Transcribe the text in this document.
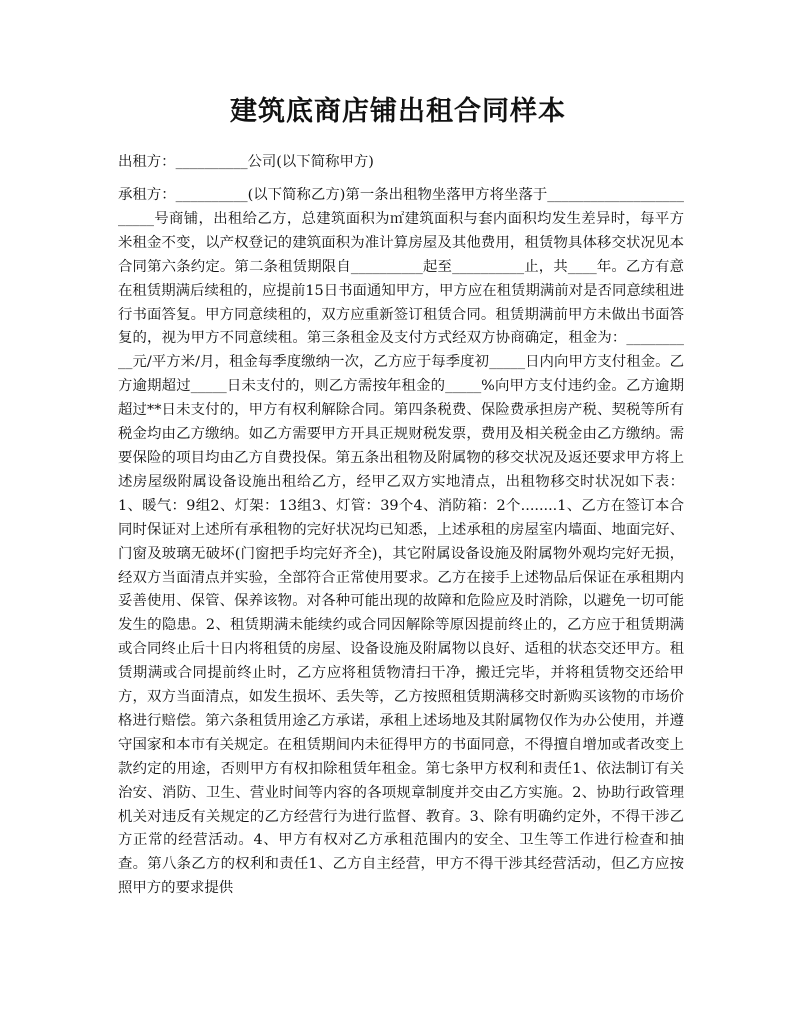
建筑底商店铺出租合同样本

出租方：__________公司(以下简称甲方)

承租方：__________(以下简称乙方)第一条出租物坐落甲方将坐落于________________________号商铺，出租给乙方，总建筑面积为㎡建筑面积与套内面积均发生差异时，每平方米租金不变，以产权登记的建筑面积为准计算房屋及其他费用，租赁物具体移交状况见本合同第六条约定。第二条租赁期限自__________起至__________止，共____年。乙方有意在租赁期满后续租的，应提前15日书面通知甲方，甲方应在租赁期满前对是否同意续租进行书面答复。甲方同意续租的，双方应重新签订租赁合同。租赁期满前甲方未做出书面答复的，视为甲方不同意续租。第三条租金及支付方式经双方协商确定，租金为：__________元/平方米/月，租金每季度缴纳一次，乙方应于每季度初_____日内向甲方支付租金。乙方逾期超过_____日未支付的，则乙方需按年租金的_____%向甲方支付违约金。乙方逾期超过**日未支付的，甲方有权利解除合同。第四条税费、保险费承担房产税、契税等所有税金均由乙方缴纳。如乙方需要甲方开具正规财税发票，费用及相关税金由乙方缴纳。需要保险的项目均由乙方自费投保。第五条出租物及附属物的移交状况及返还要求甲方将上述房屋级附属设备设施出租给乙方，经甲乙双方实地清点，出租物移交时状况如下表：1、暖气：9组2、灯架：13组3、灯管：39个4、消防箱：2个........1、乙方在签订本合同时保证对上述所有承租物的完好状况均已知悉，上述承租的房屋室内墙面、地面完好、门窗及玻璃无破坏(门窗把手均完好齐全)，其它附属设备设施及附属物外观均完好无损，经双方当面清点并实验，全部符合正常使用要求。乙方在接手上述物品后保证在承租期内妥善使用、保管、保养该物。对各种可能出现的故障和危险应及时消除，以避免一切可能发生的隐患。2、租赁期满未能续约或合同因解除等原因提前终止的，乙方应于租赁期满或合同终止后十日内将租赁的房屋、设备设施及附属物以良好、适租的状态交还甲方。租赁期满或合同提前终止时，乙方应将租赁物清扫干净，搬迁完毕，并将租赁物交还给甲方，双方当面清点，如发生损坏、丢失等，乙方按照租赁期满移交时新购买该物的市场价格进行赔偿。第六条租赁用途乙方承诺，承租上述场地及其附属物仅作为办公使用，并遵守国家和本市有关规定。在租赁期间内未征得甲方的书面同意，不得擅自增加或者改变上款约定的用途，否则甲方有权扣除租赁年租金。第七条甲方权利和责任1、依法制订有关治安、消防、卫生、营业时间等内容的各项规章制度并交由乙方实施。2、协助行政管理机关对违反有关规定的乙方经营行为进行监督、教育。3、除有明确约定外，不得干涉乙方正常的经营活动。4、甲方有权对乙方承租范围内的安全、卫生等工作进行检查和抽查。第八条乙方的权利和责任1、乙方自主经营，甲方不得干涉其经营活动，但乙方应按照甲方的要求提供
